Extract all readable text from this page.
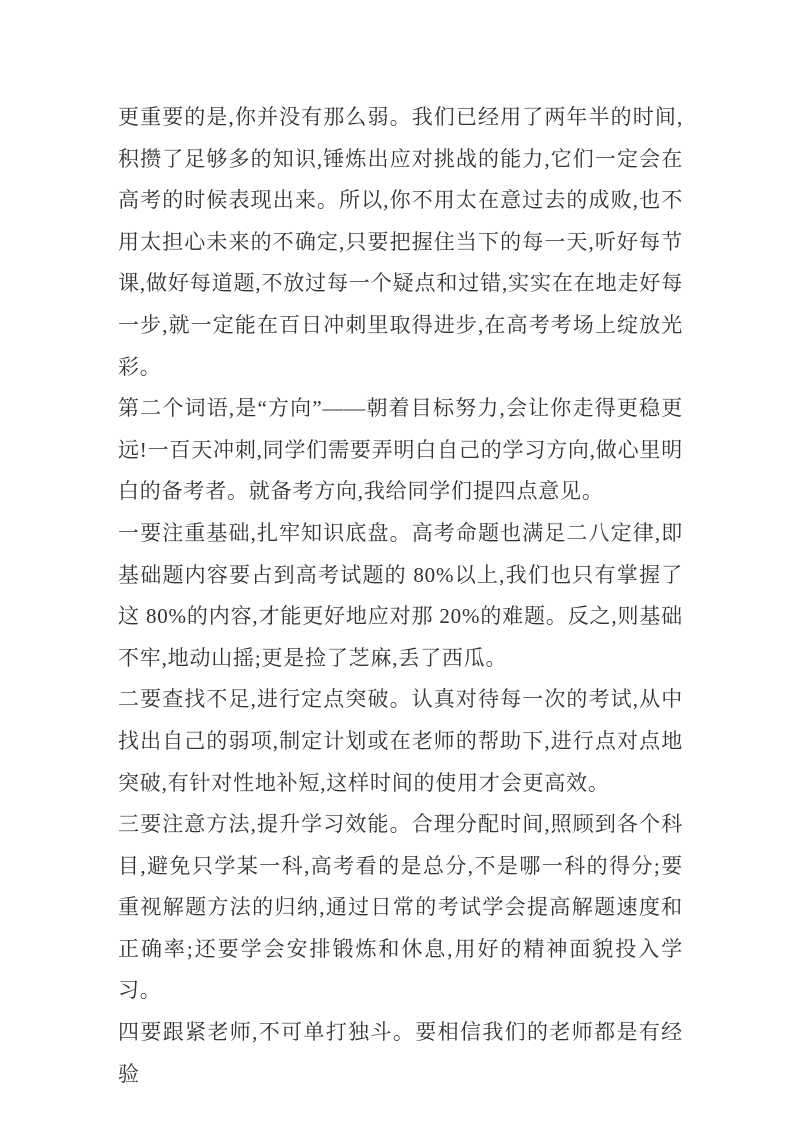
更重要的是,你并没有那么弱。我们已经用了两年半的时间,积攒了足够多的知识,锤炼出应对挑战的能力,它们一定会在高考的时候表现出来。所以,你不用太在意过去的成败,也不用太担心未来的不确定,只要把握住当下的每一天,听好每节课,做好每道题,不放过每一个疑点和过错,实实在在地走好每一步,就一定能在百日冲刺里取得进步,在高考考场上绽放光彩。

第二个词语,是“方向”——朝着目标努力,会让你走得更稳更远!一百天冲刺,同学们需要弄明白自己的学习方向,做心里明白的备考者。就备考方向,我给同学们提四点意见。

一要注重基础,扎牢知识底盘。高考命题也满足二八定律,即基础题内容要占到高考试题的 80%以上,我们也只有掌握了这 80%的内容,才能更好地应对那 20%的难题。反之,则基础不牢,地动山摇;更是捡了芝麻,丢了西瓜。

二要查找不足,进行定点突破。认真对待每一次的考试,从中找出自己的弱项,制定计划或在老师的帮助下,进行点对点地突破,有针对性地补短,这样时间的使用才会更高效。

三要注意方法,提升学习效能。合理分配时间,照顾到各个科目,避免只学某一科,高考看的是总分,不是哪一科的得分;要重视解题方法的归纳,通过日常的考试学会提高解题速度和正确率;还要学会安排锻炼和休息,用好的精神面貌投入学习。

四要跟紧老师,不可单打独斗。要相信我们的老师都是有经验
